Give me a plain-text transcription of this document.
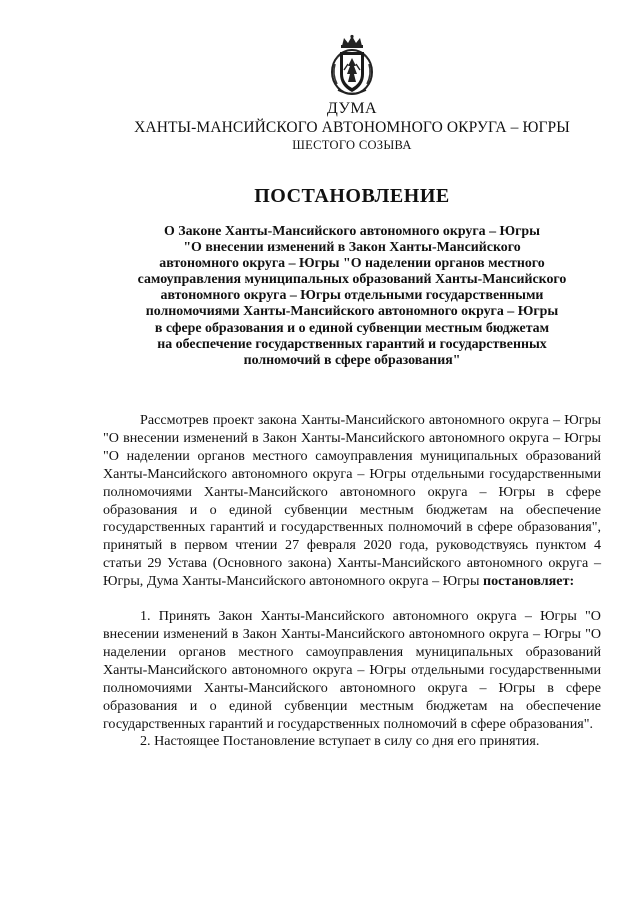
ДУМА
ХАНТЫ-МАНСИЙСКОГО АВТОНОМНОГО ОКРУГА – ЮГРЫ
ШЕСТОГО СОЗЫВА
ПОСТАНОВЛЕНИЕ
О Законе Ханты-Мансийского автономного округа – Югры
"О внесении изменений в Закон Ханты-Мансийского
автономного округа – Югры "О наделении органов местного
самоуправления муниципальных образований Ханты-Мансийского
автономного округа – Югры отдельными государственными
полномочиями Ханты-Мансийского автономного округа – Югры
в сфере образования и о единой субвенции местным бюджетам
на обеспечение государственных гарантий и государственных
полномочий в сфере образования"

Рассмотрев проект закона Ханты-Мансийского автономного округа – Югры "О внесении изменений в Закон Ханты-Мансийского автономного округа – Югры "О наделении органов местного самоуправления муниципальных образований Ханты-Мансийского автономного округа – Югры отдельными государственными полномочиями Ханты-Мансийского автономного округа – Югры в сфере образования и о единой субвенции местным бюджетам на обеспечение государственных гарантий и государственных полномочий в сфере образования", принятый в первом чтении 27 февраля 2020 года, руководствуясь пунктом 4 статьи 29 Устава (Основного закона) Ханты-Мансийского автономного округа – Югры, Дума Ханты-Мансийского автономного округа – Югры постановляет:

1. Принять Закон Ханты-Мансийского автономного округа – Югры "О внесении изменений в Закон Ханты-Мансийского автономного округа – Югры "О наделении органов местного самоуправления муниципальных образований Ханты-Мансийского автономного округа – Югры отдельными государственными полномочиями Ханты-Мансийского автономного округа – Югры в сфере образования и о единой субвенции местным бюджетам на обеспечение государственных гарантий и государственных полномочий в сфере образования".

2. Настоящее Постановление вступает в силу со дня его принятия.
